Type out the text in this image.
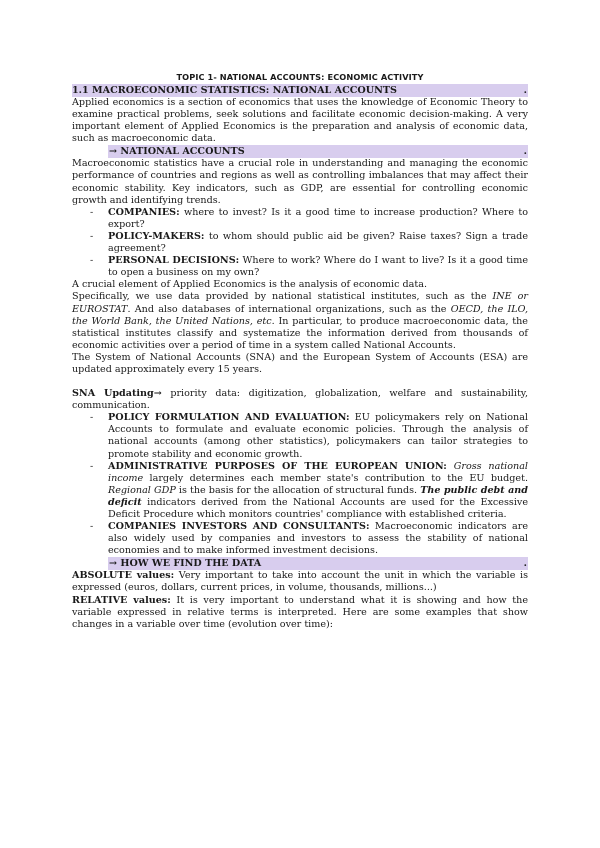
TOPIC 1- NATIONAL ACCOUNTS: ECONOMIC ACTIVITY
1.1 MACROECONOMIC STATISTICS: NATIONAL ACCOUNTS	.

Applied economics is a section of economics that uses the knowledge of Economic Theory to examine practical problems, seek solutions and facilitate economic decision-making. A very important element of Applied Economics is the preparation and analysis of economic data, such as macroeconomic data.

→ NATIONAL ACCOUNTS	.

Macroeconomic statistics have a crucial role in understanding and managing the economic performance of countries and regions as well as controlling imbalances that may affect their economic stability. Key indicators, such as GDP, are essential for controlling economic growth and identifying trends.

- COMPANIES: where to invest? Is it a good time to increase production? Where to export?
- POLICY-MAKERS: to whom should public aid be given? Raise taxes? Sign a trade agreement?
- PERSONAL DECISIONS: Where to work? Where do I want to live? Is it a good time to open a business on my own?

A crucial element of Applied Economics is the analysis of economic data.

Specifically, we use data provided by national statistical institutes, such as the INE or EUROSTAT. And also databases of international organizations, such as the OECD, the ILO, the World Bank, the United Nations, etc. In particular, to produce macroeconomic data, the statistical institutes classify and systematize the information derived from thousands of economic activities over a period of time in a system called National Accounts.

The System of National Accounts (SNA) and the European System of Accounts (ESA) are updated approximately every 15 years.

SNA Updating→ priority data: digitization, globalization, welfare and sustainability, communication.

- POLICY FORMULATION AND EVALUATION: EU policymakers rely on National Accounts to formulate and evaluate economic policies. Through the analysis of national accounts (among other statistics), policymakers can tailor strategies to promote stability and economic growth.
- ADMINISTRATIVE PURPOSES OF THE EUROPEAN UNION: Gross national income largely determines each member state's contribution to the EU budget. Regional GDP is the basis for the allocation of structural funds. The public debt and deficit indicators derived from the National Accounts are used for the Excessive Deficit Procedure which monitors countries' compliance with established criteria.
- COMPANIES INVESTORS AND CONSULTANTS: Macroeconomic indicators are also widely used by companies and investors to assess the stability of national economies and to make informed investment decisions.
→ HOW WE FIND THE DATA	.

ABSOLUTE values: Very important to take into account the unit in which the variable is expressed (euros, dollars, current prices, in volume, thousands, millions...)

RELATIVE values: It is very important to understand what it is showing and how the variable expressed in relative terms is interpreted. Here are some examples that show changes in a variable over time (evolution over time):
